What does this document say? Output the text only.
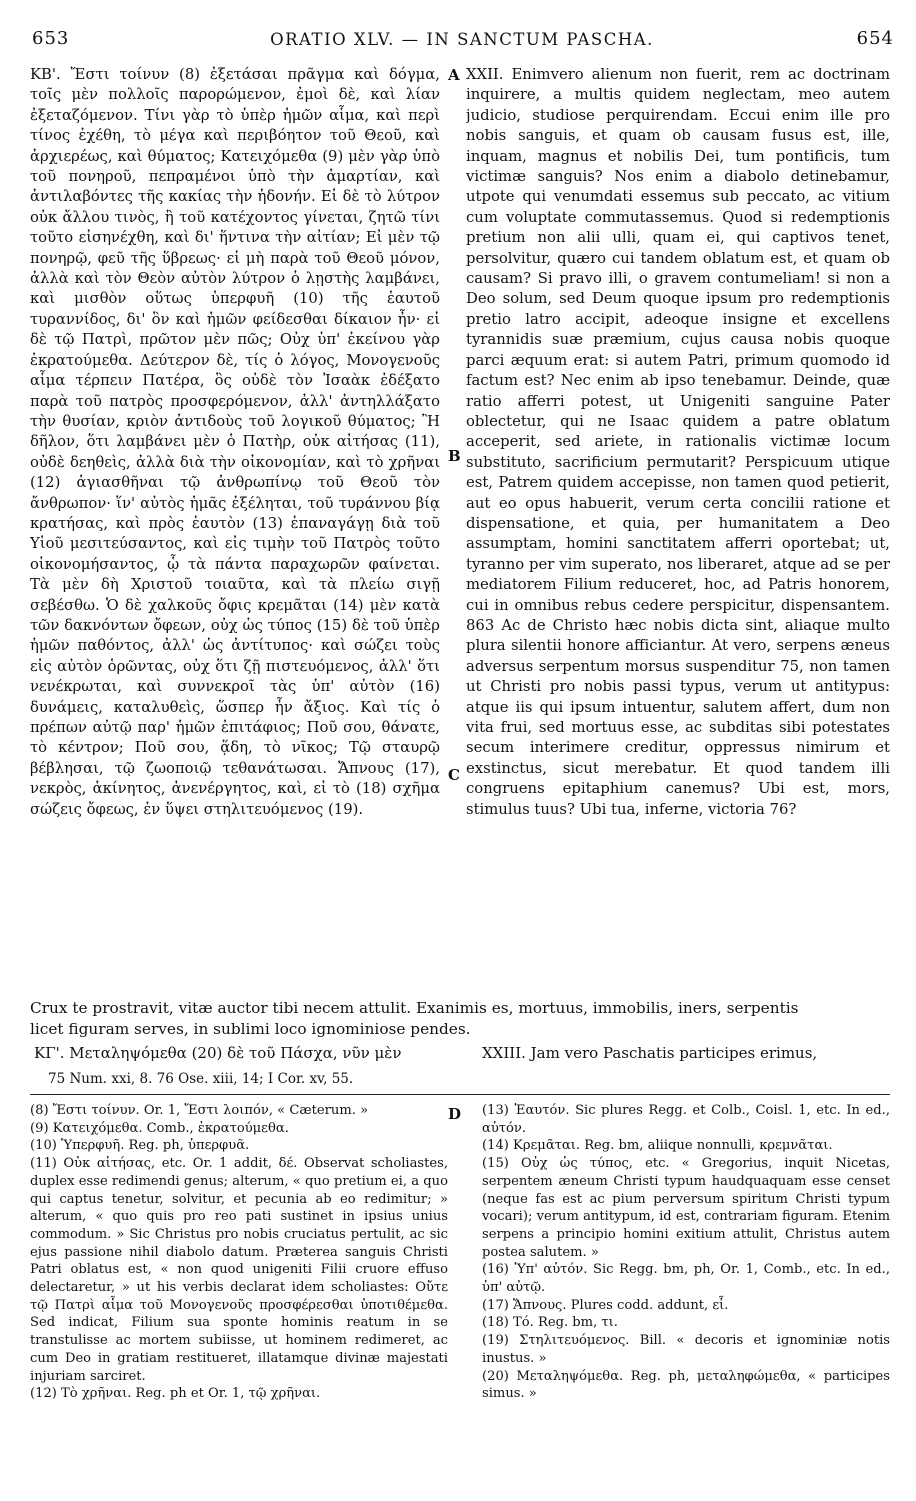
653	ORATIO XLV. — IN SANCTUM PASCHA.	654
KB'. Ἔστι τοίνυν (8) ἐξετάσαι πρᾶγμα καὶ δόγμα, τοῖς μὲν πολλοῖς παρορώμενον, ἐμοὶ δὲ, καὶ λίαν ἐξεταζόμενον. Τίνι γὰρ τὸ ὑπὲρ ἡμῶν αἷμα, καὶ περὶ τίνος ἐχέθη, τὸ μέγα καὶ περιβόητον τοῦ Θεοῦ, καὶ ἀρχιερέως, καὶ θύματος; Κατειχόμεθα (9) μὲν γὰρ ὑπὸ τοῦ πονηροῦ, πεπραμένοι ὑπὸ τὴν ἁμαρτίαν, καὶ ἀντιλαβόντες τῆς κακίας τὴν ἡδονήν. Εἰ δὲ τὸ λύτρον οὐκ ἄλλου τινὸς, ἢ τοῦ κατέχοντος γίνεται, ζητῶ τίνι τοῦτο εἰσηνέχθη, καὶ δι' ἥντινα τὴν αἰτίαν; Εἰ μὲν τῷ πονηρῷ, φεῦ τῆς ὕβρεως· εἰ μὴ παρὰ τοῦ Θεοῦ μόνον, ἀλλὰ καὶ τὸν Θεὸν αὐτὸν λύτρον ὁ λῃστὴς λαμβάνει, καὶ μισθὸν οὕτως ὑπερφυῆ (10) τῆς ἑαυτοῦ τυραννίδος, δι' ὃν καὶ ἡμῶν φείδεσθαι δίκαιον ἦν· εἰ δὲ τῷ Πατρὶ, πρῶτον μὲν πῶς; Οὐχ ὑπ' ἐκείνου γὰρ ἐκρατούμεθα. Δεύτερον δὲ, τίς ὁ λόγος, Μονογενοῦς αἷμα τέρπειν Πατέρα, ὃς οὐδὲ τὸν Ἰσαὰκ ἐδέξατο παρὰ τοῦ πατρὸς προσφερόμενον, ἀλλ' ἀντηλλάξατο τὴν θυσίαν, κριὸν ἀντιδοὺς τοῦ λογικοῦ θύματος; Ἢ δῆλον, ὅτι λαμβάνει μὲν ὁ Πατὴρ, οὐκ αἰτήσας (11), οὐδὲ δεηθεὶς, ἀλλὰ διὰ τὴν οἰκονομίαν, καὶ τὸ χρῆναι (12) ἁγιασθῆναι τῷ ἀνθρωπίνῳ τοῦ Θεοῦ τὸν ἄνθρωπον· ἵν' αὐτὸς ἡμᾶς ἐξέληται, τοῦ τυράννου βίᾳ κρατήσας, καὶ πρὸς ἑαυτὸν (13) ἐπαναγάγῃ διὰ τοῦ Υἱοῦ μεσιτεύσαντος, καὶ εἰς τιμὴν τοῦ Πατρὸς τοῦτο οἰκονομήσαντος, ᾧ τὰ πάντα παραχωρῶν φαίνεται. Τὰ μὲν δὴ Χριστοῦ τοιαῦτα, καὶ τὰ πλείω σιγῇ σεβέσθω. Ὁ δὲ χαλκοῦς ὄφις κρεμᾶται (14) μὲν κατὰ τῶν δακνόντων ὄφεων, οὐχ ὡς τύπος (15) δὲ τοῦ ὑπὲρ ἡμῶν παθόντος, ἀλλ' ὡς ἀντίτυπος· καὶ σώζει τοὺς εἰς αὐτὸν ὁρῶντας, οὐχ ὅτι ζῇ πιστευόμενος, ἀλλ' ὅτι νενέκρωται, καὶ συννεκροῖ τὰς ὑπ' αὐτὸν (16) δυνάμεις, καταλυθεὶς, ὥσπερ ἦν ἄξιος. Καὶ τίς ὁ πρέπων αὐτῷ παρ' ἡμῶν ἐπιτάφιος; Ποῦ σου, θάνατε, τὸ κέντρον; Ποῦ σου, ᾅδη, τὸ νῖκος; Τῷ σταυρῷ βέβλησαι, τῷ ζωοποιῷ τεθανάτωσαι. Ἄπνους (17), νεκρὸς, ἀκίνητος, ἀνενέργητος, καὶ, εἰ τὸ (18) σχῆμα σώζεις ὄφεως, ἐν ὕψει στηλιτευόμενος (19).
XXII. Enimvero alienum non fuerit, rem ac doctrinam inquirere, a multis quidem neglectam, meo autem judicio, studiose perquirendam. Eccui enim ille pro nobis sanguis, et quam ob causam fusus est, ille, inquam, magnus et nobilis Dei, tum pontificis, tum victimæ sanguis? Nos enim a diabolo detinebamur, utpote qui venumdati essemus sub peccato, ac vitium cum voluptate commutassemus. Quod si redemptionis pretium non alii ulli, quam ei, qui captivos tenet, persolvitur, quæro cui tandem oblatum est, et quam ob causam? Si pravo illi, o gravem contumeliam! si non a Deo solum, sed Deum quoque ipsum pro redemptionis pretio latro accipit, adeoque insigne et excellens tyrannidis suæ præmium, cujus causa nobis quoque parci æquum erat: si autem Patri, primum quomodo id factum est? Nec enim ab ipso tenebamur. Deinde, quæ ratio afferri potest, ut Unigeniti sanguine Pater oblectetur, qui ne Isaac quidem a patre oblatum acceperit, sed ariete, in rationalis victimæ locum substituto, sacrificium permutarit? Perspicuum utique est, Patrem quidem accepisse, non tamen quod petierit, aut eo opus habuerit, verum certa concilii ratione et dispensatione, et quia, per humanitatem a Deo assumptam, homini sanctitatem afferri oportebat; ut, tyranno per vim superato, nos liberaret, atque ad se per mediatorem Filium reduceret, hoc, ad Patris honorem, cui in omnibus rebus cedere perspicitur, dispensantem. 863 Ac de Christo hæc nobis dicta sint, aliaque multo plura silentii honore afficiantur. At vero, serpens æneus adversus serpentum morsus suspenditur 75, non tamen ut Christi pro nobis passi typus, verum ut antitypus: atque iis qui ipsum intuentur, salutem affert, dum non vita frui, sed mortuus esse, ac subditas sibi potestates secum interimere creditur, oppressus nimirum et exstinctus, sicut merebatur. Et quod tandem illi congruens epitaphium canemus? Ubi est, mors, stimulus tuus? Ubi tua, inferne, victoria 76?
A
B
C
D
Crux te prostravit, vitæ auctor tibi necem attulit. Exanimis es, mortuus, immobilis, iners, serpentis
licet figuram serves, in sublimi loco ignominiose pendes.
ΚΓ'. Μεταληψόμεθα (20) δὲ τοῦ Πάσχα, νῦν μὲν	XXIII. Jam vero Paschatis participes erimus,
75 Num. xxi, 8. 76 Ose. xiii, 14; I Cor. xv, 55.
(8) Ἔστι τοίνυν. Or. 1, Ἔστι λοιπόν, « Cæterum. »
(9) Κατειχόμεθα. Comb., ἐκρατούμεθα.
(10) Ὑπερφυῆ. Reg. ph, ὑπερφυᾶ.
(11) Οὐκ αἰτήσας, etc. Or. 1 addit, δέ. Observat scholiastes, duplex esse redimendi genus; alterum, « quo pretium ei, a quo qui captus tenetur, solvitur, et pecunia ab eo redimitur; » alterum, « quo quis pro reo pati sustinet in ipsius unius commodum. » Sic Christus pro nobis cruciatus pertulit, ac sic ejus passione nihil diabolo datum. Præterea sanguis Christi Patri oblatus est, « non quod unigeniti Filii cruore effuso delectaretur, » ut his verbis declarat idem scholiastes: Οὔτε τῷ Πατρὶ αἷμα τοῦ Μονογενοῦς προσφέρεσθαι ὑποτιθέμεθα. Sed indicat, Filium sua sponte hominis reatum in se transtulisse ac mortem subiisse, ut hominem redimeret, ac cum Deo in gratiam restitueret, illatamque divinæ majestati injuriam sarciret.
(12) Τὸ χρῆναι. Reg. ph et Or. 1, τῷ χρῆναι.
(13) Ἑαυτόν. Sic plures Regg. et Colb., Coisl. 1, etc. In ed., αὐτόν.
(14) Κρεμᾶται. Reg. bm, aliique nonnulli, κρεμνᾶται.
(15) Οὐχ ὡς τύπος, etc. « Gregorius, inquit Nicetas, serpentem æneum Christi typum haudquaquam esse censet (neque fas est ac pium perversum spiritum Christi typum vocari); verum antitypum, id est, contrariam figuram. Etenim serpens a principio homini exitium attulit, Christus autem postea salutem. »
(16) Ὑπ' αὐτόν. Sic Regg. bm, ph, Or. 1, Comb., etc. In ed., ὑπ' αὐτῷ.
(17) Ἄπνους. Plures codd. addunt, εἶ.
(18) Τό. Reg. bm, τι.
(19) Στηλιτευόμενος. Bill. « decoris et ignominiæ notis inustus. »
(20) Μεταληψόμεθα. Reg. ph, μεταληφώμεθα, « participes simus. »
